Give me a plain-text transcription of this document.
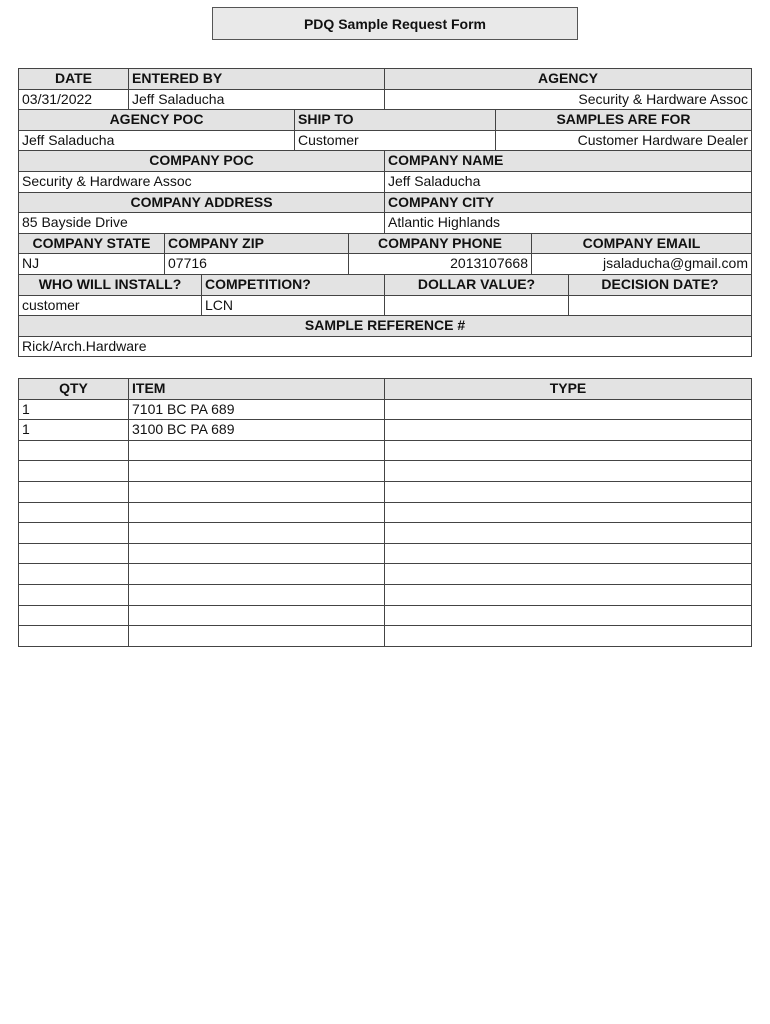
PDQ Sample Request Form
DATE	ENTERED BY	AGENCY
03/31/2022	Jeff Saladucha	Security & Hardware Assoc
AGENCY POC	SHIP TO	SAMPLES ARE FOR
Jeff Saladucha	Customer	Customer Hardware Dealer
COMPANY POC	COMPANY NAME
Security & Hardware Assoc	Jeff Saladucha
COMPANY ADDRESS	COMPANY CITY
85 Bayside Drive	Atlantic Highlands
COMPANY STATE	COMPANY ZIP	COMPANY PHONE	COMPANY EMAIL
NJ	07716	2013107668	jsaladucha@gmail.com
WHO WILL INSTALL?	COMPETITION?	DOLLAR VALUE?	DECISION DATE?
customer	LCN
SAMPLE REFERENCE #
Rick/Arch.Hardware
QTY	ITEM	TYPE
1	7101 BC PA 689
1	3100 BC PA 689
